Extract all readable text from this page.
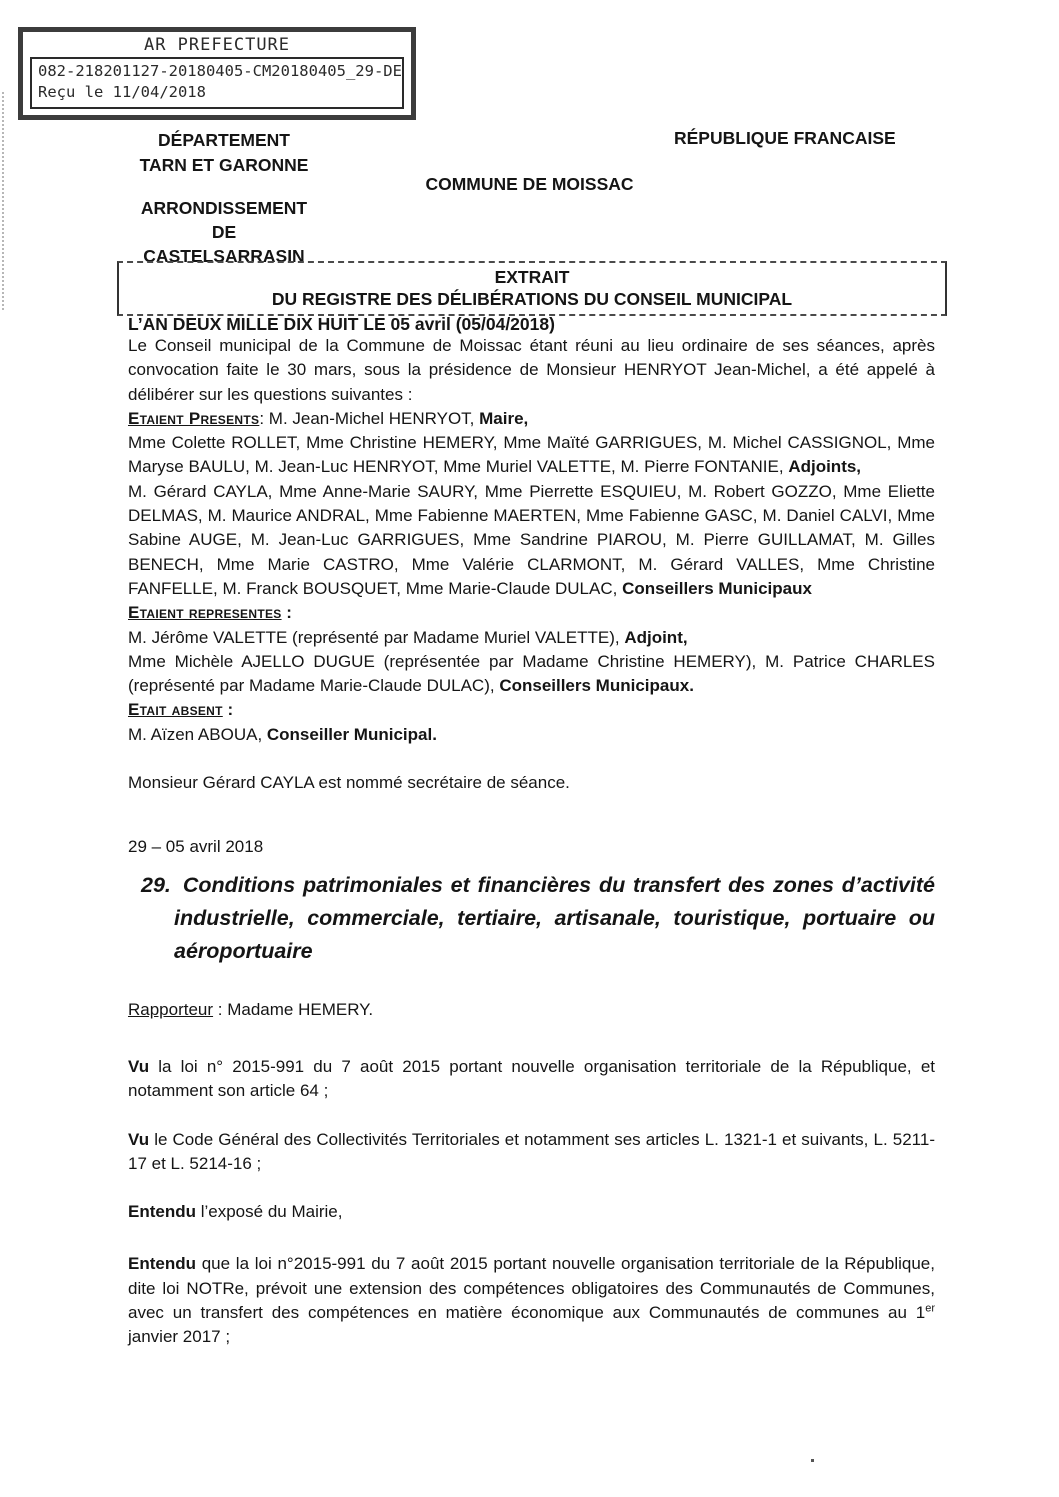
AR PREFECTURE
082-218201127-20180405-CM20180405_29-DE
Reçu le 11/04/2018
DÉPARTEMENT
TARN ET GARONNE
RÉPUBLIQUE FRANCAISE
COMMUNE DE MOISSAC
ARRONDISSEMENT
DE
CASTELSARRASIN
EXTRAIT
DU REGISTRE DES DÉLIBÉRATIONS DU CONSEIL MUNICIPAL
L’AN DEUX MILLE DIX HUIT LE 05 avril (05/04/2018)

Le Conseil municipal de la Commune de Moissac étant réuni au lieu ordinaire de ses séances, après convocation faite le 30 mars, sous la présidence de Monsieur HENRYOT Jean-Michel, a été appelé à délibérer sur les questions suivantes :

Etaient Presents: M. Jean-Michel HENRYOT, Maire,

Mme Colette ROLLET, Mme Christine HEMERY, Mme Maïté GARRIGUES, M. Michel CASSIGNOL, Mme Maryse BAULU, M. Jean-Luc HENRYOT, Mme Muriel VALETTE, M. Pierre FONTANIE, Adjoints,

M. Gérard CAYLA, Mme Anne-Marie SAURY, Mme Pierrette ESQUIEU, M. Robert GOZZO, Mme Eliette DELMAS, M. Maurice ANDRAL, Mme Fabienne MAERTEN, Mme Fabienne GASC, M. Daniel CALVI, Mme Sabine AUGE, M. Jean-Luc GARRIGUES, Mme Sandrine PIAROU, M. Pierre GUILLAMAT, M. Gilles BENECH, Mme Marie CASTRO, Mme Valérie CLARMONT, M. Gérard VALLES, Mme Christine FANFELLE, M. Franck BOUSQUET, Mme Marie-Claude DULAC, Conseillers Municipaux

Etaient representes :

M. Jérôme VALETTE (représenté par Madame Muriel VALETTE), Adjoint,

Mme Michèle AJELLO DUGUE (représentée par Madame Christine HEMERY), M. Patrice CHARLES (représenté par Madame Marie-Claude DULAC), Conseillers Municipaux.

Etait absent :

M. Aïzen ABOUA, Conseiller Municipal.

Monsieur Gérard CAYLA est nommé secrétaire de séance.

29 – 05 avril 2018

29. Conditions patrimoniales et financières du transfert des zones d’activité industrielle, commerciale, tertiaire, artisanale, touristique, portuaire ou aéroportuaire

Rapporteur : Madame HEMERY.

Vu la loi n° 2015-991 du 7 août 2015 portant nouvelle organisation territoriale de la République, et notamment son article 64 ;

Vu le Code Général des Collectivités Territoriales et notamment ses articles L. 1321-1 et suivants, L. 5211-17 et L. 5214-16 ;

Entendu l’exposé du Mairie,

Entendu que la loi n°2015-991 du 7 août 2015 portant nouvelle organisation territoriale de la République, dite loi NOTRe, prévoit une extension des compétences obligatoires des Communautés de Communes, avec un transfert des compétences en matière économique aux Communautés de communes au 1er janvier 2017 ;
